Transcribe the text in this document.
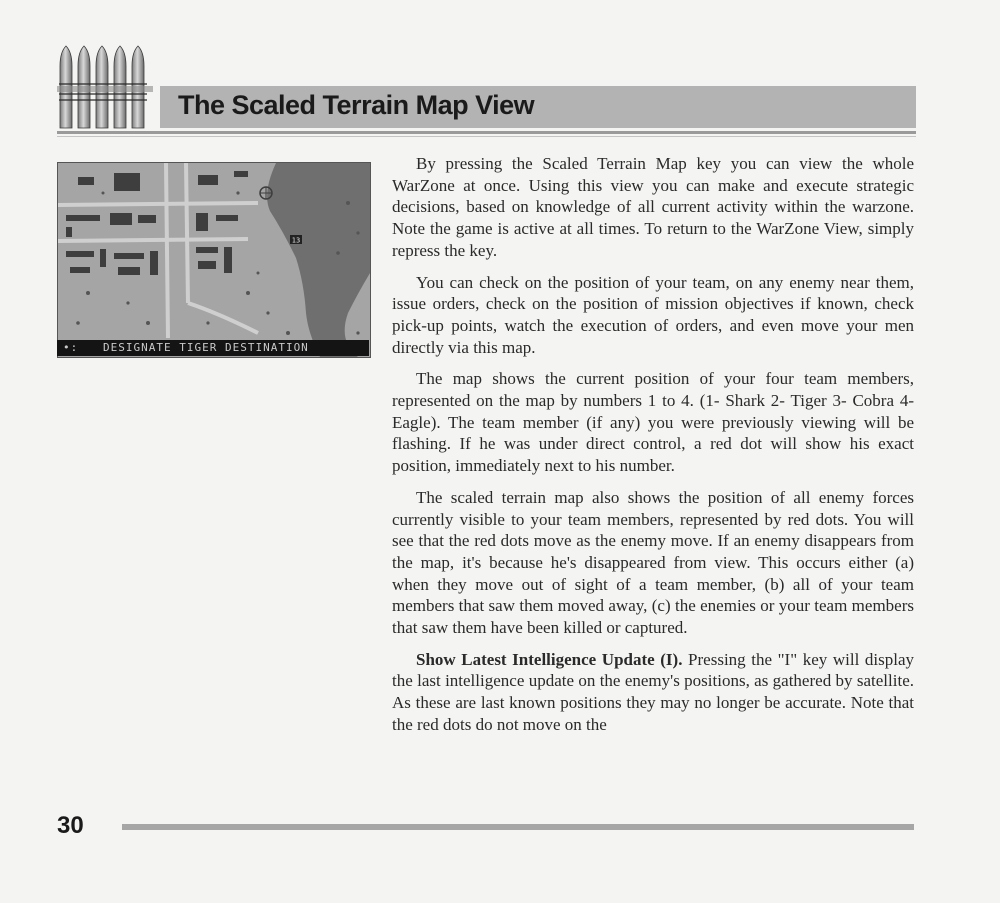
The Scaled Terrain Map View
13
•: DESIGNATE TIGER DESTINATION

By pressing the Scaled Terrain Map key you can view the whole WarZone at once. Using this view you can make and execute strategic decisions, based on knowledge of all current activity within the warzone. Note the game is active at all times. To return to the WarZone View, simply repress the key.

You can check on the position of your team, on any enemy near them, issue orders, check on the position of mission objectives if known, check pick-up points, watch the execution of orders, and even move your men directly via this map.

The map shows the current position of your four team members, represented on the map by numbers 1 to 4. (1- Shark 2- Tiger 3- Cobra 4- Eagle). The team member (if any) you were previously viewing will be flashing. If he was under direct control, a red dot will show his exact position, immediately next to his number.

The scaled terrain map also shows the position of all enemy forces currently visible to your team members, represented by red dots. You will see that the red dots move as the enemy move. If an enemy disappears from the map, it's because he's disappeared from view. This occurs either (a) when they move out of sight of a team member, (b) all of your team members that saw them moved away, (c) the enemies or your team members that saw them have been killed or captured.

Show Latest Intelligence Update (I). Pressing the "I" key will display the last intelligence update on the enemy's positions, as gathered by satellite. As these are last known positions they may no longer be accurate. Note that the red dots do not move on the

30
